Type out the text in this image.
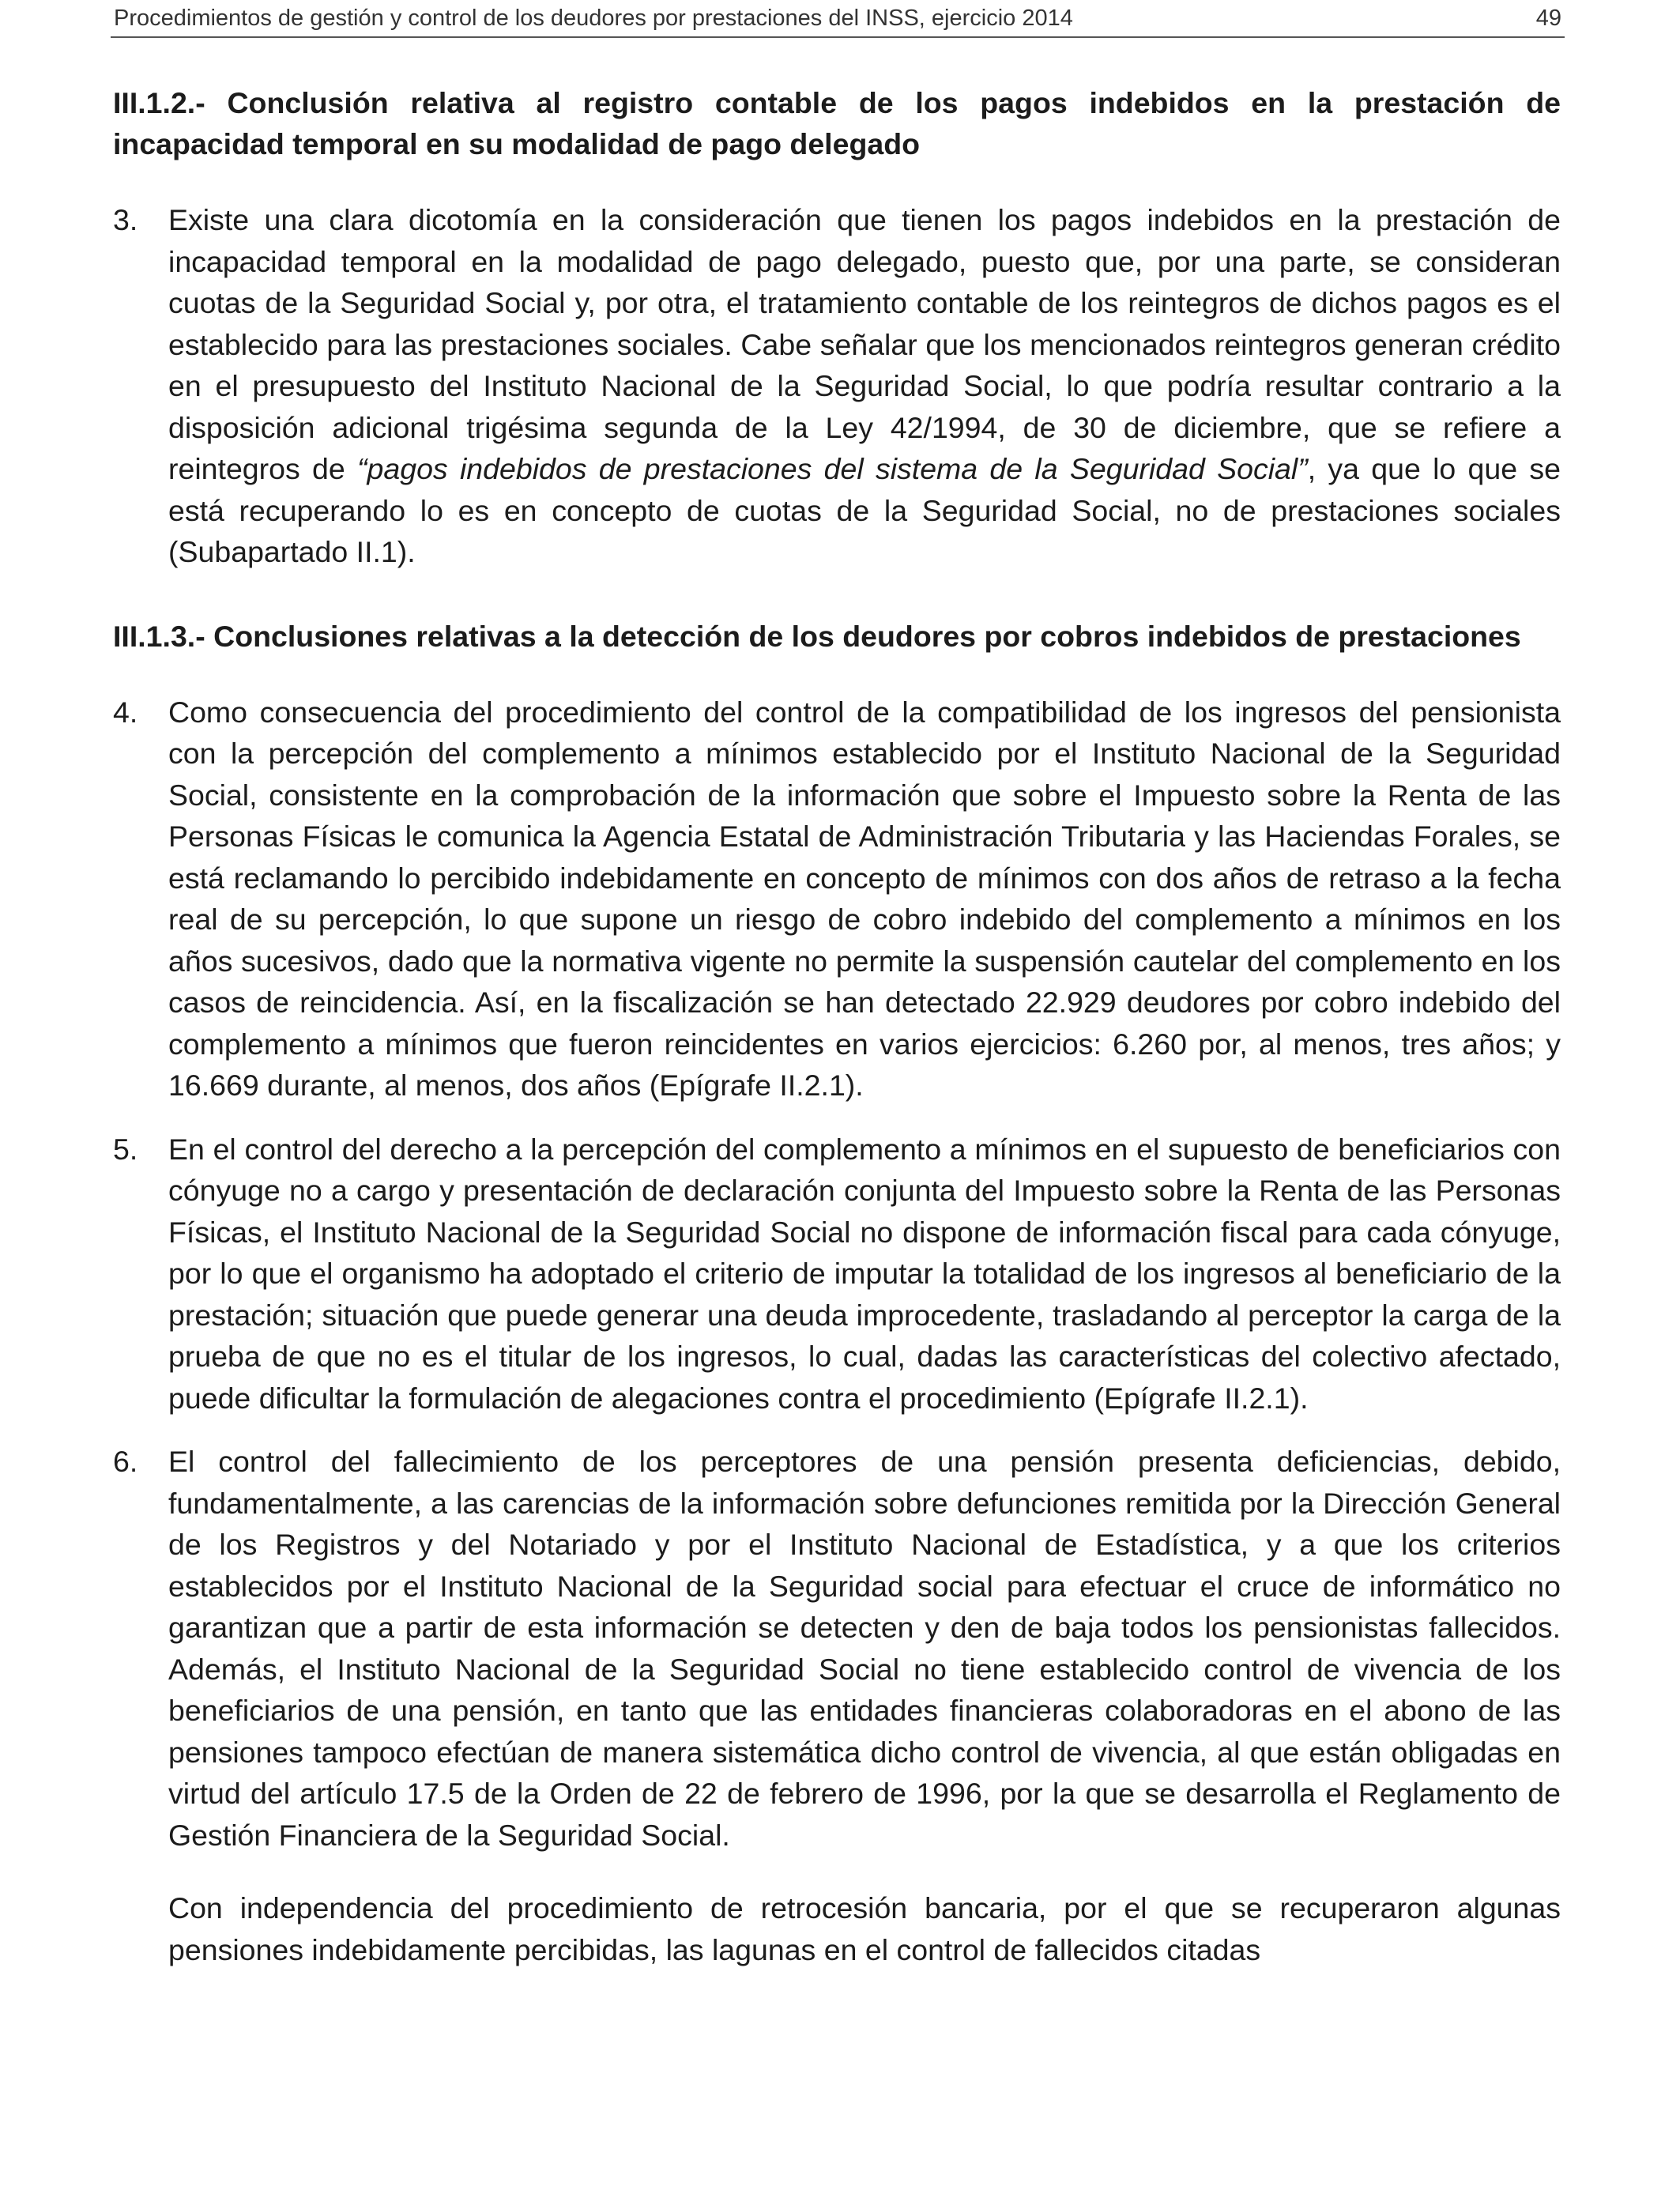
Procedimientos de gestión y control de los deudores por prestaciones del INSS, ejercicio 2014	49
III.1.2.- Conclusión relativa al registro contable de los pagos indebidos en la prestación de incapacidad temporal en su modalidad de pago delegado
3. Existe una clara dicotomía en la consideración que tienen los pagos indebidos en la prestación de incapacidad temporal en la modalidad de pago delegado, puesto que, por una parte, se consideran cuotas de la Seguridad Social y, por otra, el tratamiento contable de los reintegros de dichos pagos es el establecido para las prestaciones sociales. Cabe señalar que los mencionados reintegros generan crédito en el presupuesto del Instituto Nacional de la Seguridad Social, lo que podría resultar contrario a la disposición adicional trigésima segunda de la Ley 42/1994, de 30 de diciembre, que se refiere a reintegros de “pagos indebidos de prestaciones del sistema de la Seguridad Social”, ya que lo que se está recuperando lo es en concepto de cuotas de la Seguridad Social, no de prestaciones sociales (Subapartado II.1).
III.1.3.- Conclusiones relativas a la detección de los deudores por cobros indebidos de prestaciones
4. Como consecuencia del procedimiento del control de la compatibilidad de los ingresos del pensionista con la percepción del complemento a mínimos establecido por el Instituto Nacional de la Seguridad Social, consistente en la comprobación de la información que sobre el Impuesto sobre la Renta de las Personas Físicas le comunica la Agencia Estatal de Administración Tributaria y las Haciendas Forales, se está reclamando lo percibido indebidamente en concepto de mínimos con dos años de retraso a la fecha real de su percepción, lo que supone un riesgo de cobro indebido del complemento a mínimos en los años sucesivos, dado que la normativa vigente no permite la suspensión cautelar del complemento en los casos de reincidencia. Así, en la fiscalización se han detectado 22.929 deudores por cobro indebido del complemento a mínimos que fueron reincidentes en varios ejercicios: 6.260 por, al menos, tres años; y 16.669 durante, al menos, dos años (Epígrafe II.2.1).
5. En el control del derecho a la percepción del complemento a mínimos en el supuesto de beneficiarios con cónyuge no a cargo y presentación de declaración conjunta del Impuesto sobre la Renta de las Personas Físicas, el Instituto Nacional de la Seguridad Social no dispone de información fiscal para cada cónyuge, por lo que el organismo ha adoptado el criterio de imputar la totalidad de los ingresos al beneficiario de la prestación; situación que puede generar una deuda improcedente, trasladando al perceptor la carga de la prueba de que no es el titular de los ingresos, lo cual, dadas las características del colectivo afectado, puede dificultar la formulación de alegaciones contra el procedimiento (Epígrafe II.2.1).
6. El control del fallecimiento de los perceptores de una pensión presenta deficiencias, debido, fundamentalmente, a las carencias de la información sobre defunciones remitida por la Dirección General de los Registros y del Notariado y por el Instituto Nacional de Estadística, y a que los criterios establecidos por el Instituto Nacional de la Seguridad social para efectuar el cruce de informático no garantizan que a partir de esta información se detecten y den de baja todos los pensionistas fallecidos. Además, el Instituto Nacional de la Seguridad Social no tiene establecido control de vivencia de los beneficiarios de una pensión, en tanto que las entidades financieras colaboradoras en el abono de las pensiones tampoco efectúan de manera sistemática dicho control de vivencia, al que están obligadas en virtud del artículo 17.5 de la Orden de 22 de febrero de 1996, por la que se desarrolla el Reglamento de Gestión Financiera de la Seguridad Social.

Con independencia del procedimiento de retrocesión bancaria, por el que se recuperaron algunas pensiones indebidamente percibidas, las lagunas en el control de fallecidos citadas
